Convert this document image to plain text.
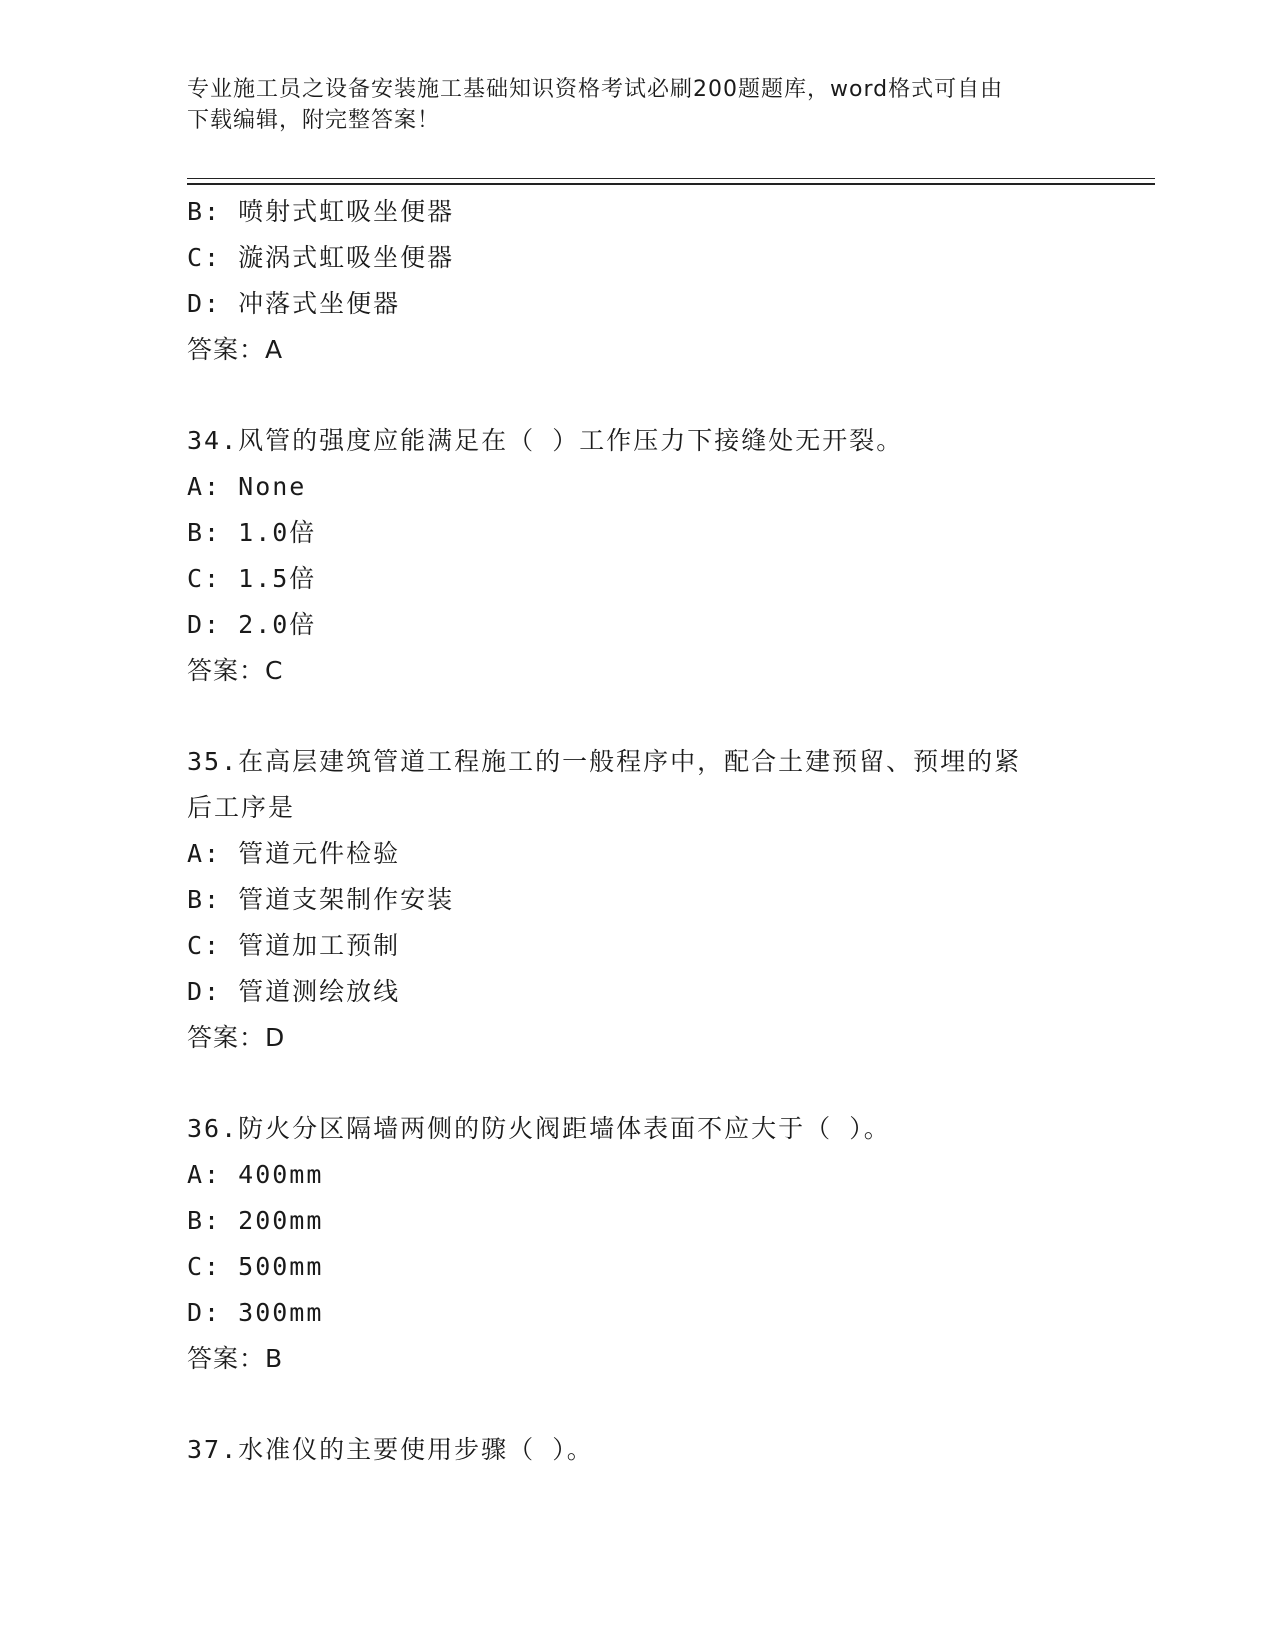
专业施工员之设备安装施工基础知识资格考试必刷200题题库，word格式可自由
下载编辑，附完整答案！
B: 喷射式虹吸坐便器
C: 漩涡式虹吸坐便器
D: 冲落式坐便器
答案：A
34.风管的强度应能满足在（ ）工作压力下接缝处无开裂。
A: None
B: 1.0倍
C: 1.5倍
D: 2.0倍
答案：C
35.在高层建筑管道工程施工的一般程序中，配合土建预留、预埋的紧
后工序是
A: 管道元件检验
B: 管道支架制作安装
C: 管道加工预制
D: 管道测绘放线
答案：D
36.防火分区隔墙两侧的防火阀距墙体表面不应大于（ ）。
A: 400mm
B: 200mm
C: 500mm
D: 300mm
答案：B
37.水准仪的主要使用步骤（ ）。
